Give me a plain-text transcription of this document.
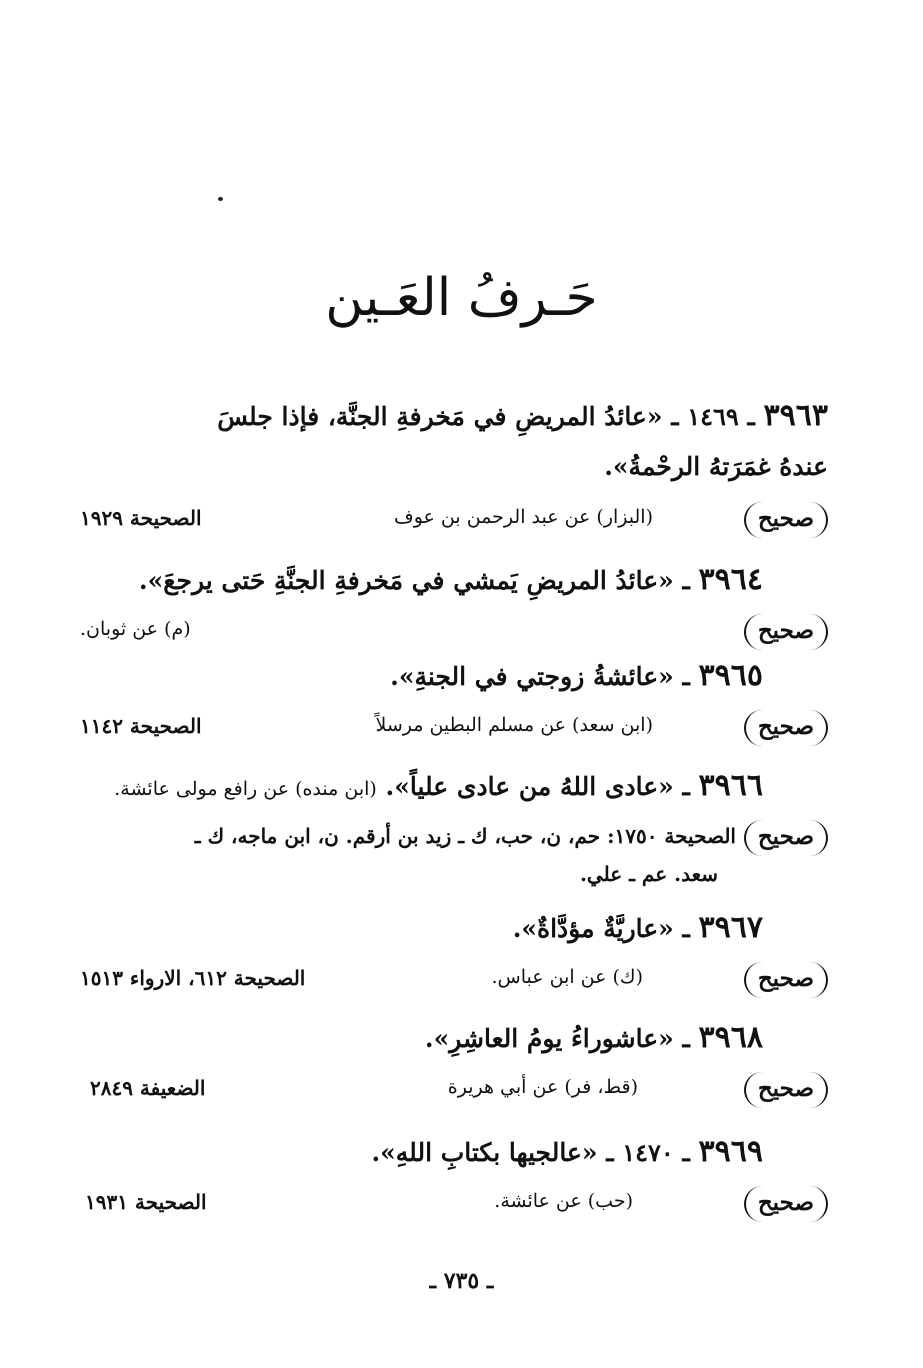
حَـرفُ العَـين
٣٩٦٣ ـ ١٤٦٩ ـ «عائدُ المريضِ في مَخرفةِ الجنَّة، فإذا جلسَ
عندهُ غمَرَتهُ الرحْمةُ».
صحيح
(البزار) عن عبد الرحمن بن عوف
الصحيحة ١٩٢٩
٣٩٦٤ ـ «عائدُ المريضِ يَمشي في مَخرفةِ الجنَّةِ حَتى يرجعَ».
صحيح
(م) عن ثوبان.
٣٩٦٥ ـ «عائشةُ زوجتي في الجنةِ».
صحيح
(ابن سعد) عن مسلم البطين مرسلاً
الصحيحة ١١٤٢
٣٩٦٦ ـ «عادى اللهُ من عادى علياً». (ابن منده) عن رافع مولى عائشة.
صحيح
الصحيحة ١٧٥٠: حم، ن، حب، ك ـ زيد بن أرقم. ن، ابن ماجه، ك ـ
سعد. عم ـ علي.
٣٩٦٧ ـ «عاريَّةٌ مؤدَّاةٌ».
صحيح
(ك) عن ابن عباس.
الصحيحة ٦١٢، الارواء ١٥١٣
٣٩٦٨ ـ «عاشوراءُ يومُ العاشِرِ».
صحيح
(قط، فر) عن أبي هريرة
الضعيفة ٢٨٤٩
٣٩٦٩ ـ ١٤٧٠ ـ «عالجيها بكتابِ اللهِ».
صحيح
(حب) عن عائشة.
الصحيحة ١٩٣١
ـ ٧٣٥ ـ
